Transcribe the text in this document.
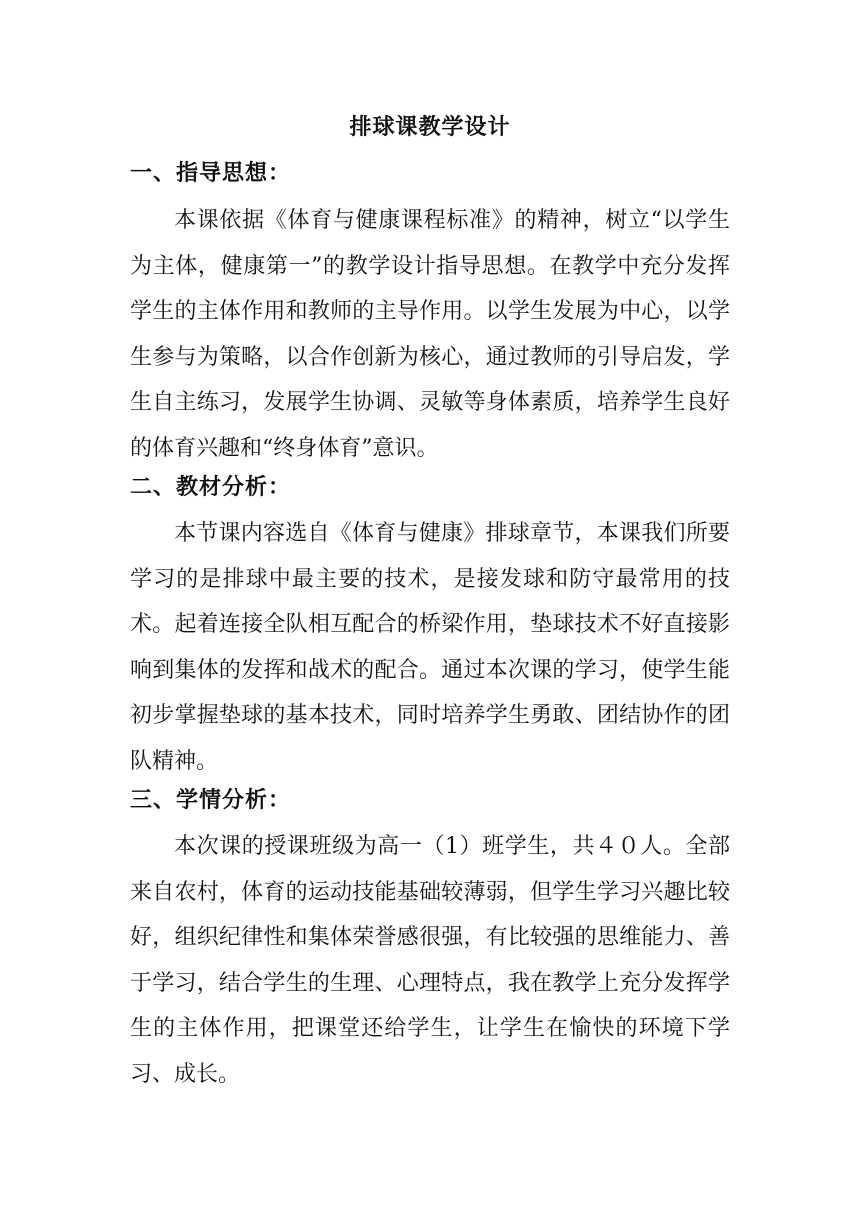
排球课教学设计
一、指导思想：
本课依据《体育与健康课程标准》的精神，树立“以学生为主体，健康第一”的教学设计指导思想。在教学中充分发挥学生的主体作用和教师的主导作用。以学生发展为中心，以学生参与为策略，以合作创新为核心，通过教师的引导启发，学生自主练习，发展学生协调、灵敏等身体素质，培养学生良好的体育兴趣和“终身体育”意识。
二、教材分析：
本节课内容选自《体育与健康》排球章节，本课我们所要学习的是排球中最主要的技术，是接发球和防守最常用的技术。起着连接全队相互配合的桥梁作用，垫球技术不好直接影响到集体的发挥和战术的配合。通过本次课的学习，使学生能初步掌握垫球的基本技术，同时培养学生勇敢、团结协作的团队精神。
三、学情分析：
本次课的授课班级为高一（1）班学生，共４０人。全部来自农村，体育的运动技能基础较薄弱，但学生学习兴趣比较好，组织纪律性和集体荣誉感很强，有比较强的思维能力、善于学习，结合学生的生理、心理特点，我在教学上充分发挥学生的主体作用，把课堂还给学生，让学生在愉快的环境下学习、成长。
